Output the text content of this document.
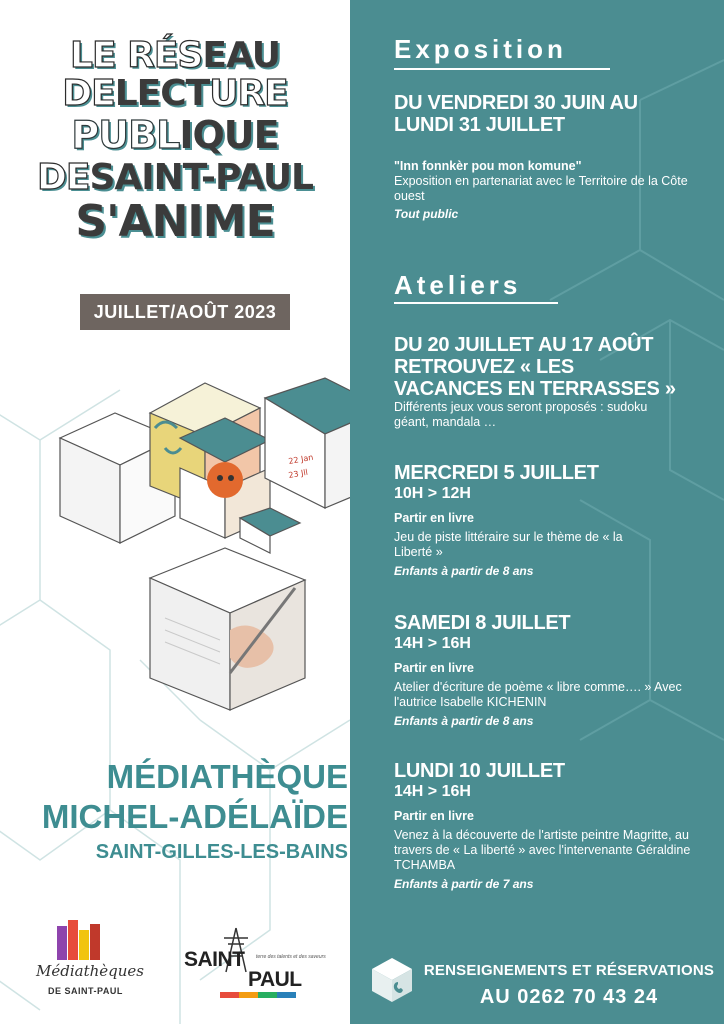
LE RÉSEAU
DELECTURE
PUBLIQUE
DESAINT-PAUL
S'ANIME
JUILLET/AOÛT 2023
22 Jan
23 Jll
MÉDIATHÈQUE
MICHEL-ADÉLAÏDE
SAINT-GILLES-LES-BAINS
Médiathèques
DE SAINT-PAUL
SAINT
PAUL
terre des talents et des saveurs
Exposition
DU VENDREDI 30 JUIN AU LUNDI 31 JUILLET
"Inn fonnkèr pou mon komune"
Exposition en partenariat avec le Territoire de la Côte ouest
Tout public
Ateliers
DU 20 JUILLET AU 17 AOÛT RETROUVEZ « LES VACANCES EN TERRASSES »
Différents jeux vous seront proposés : sudoku géant, mandala …
MERCREDI 5 JUILLET
10H > 12H
Partir en livre
Jeu de piste littéraire sur le thème de « la Liberté »
Enfants à partir de 8 ans
SAMEDI 8 JUILLET
14H > 16H
Partir en livre
Atelier d'écriture de poème « libre comme…. » Avec l'autrice Isabelle KICHENIN
Enfants à partir de 8 ans
LUNDI 10 JUILLET
14H > 16H
Partir en livre
Venez à la découverte de l'artiste peintre Magritte, au travers de « La liberté » avec l'intervenante Géraldine TCHAMBA
Enfants à partir de 7 ans
RENSEIGNEMENTS ET RÉSERVATIONS
AU 0262 70 43 24
